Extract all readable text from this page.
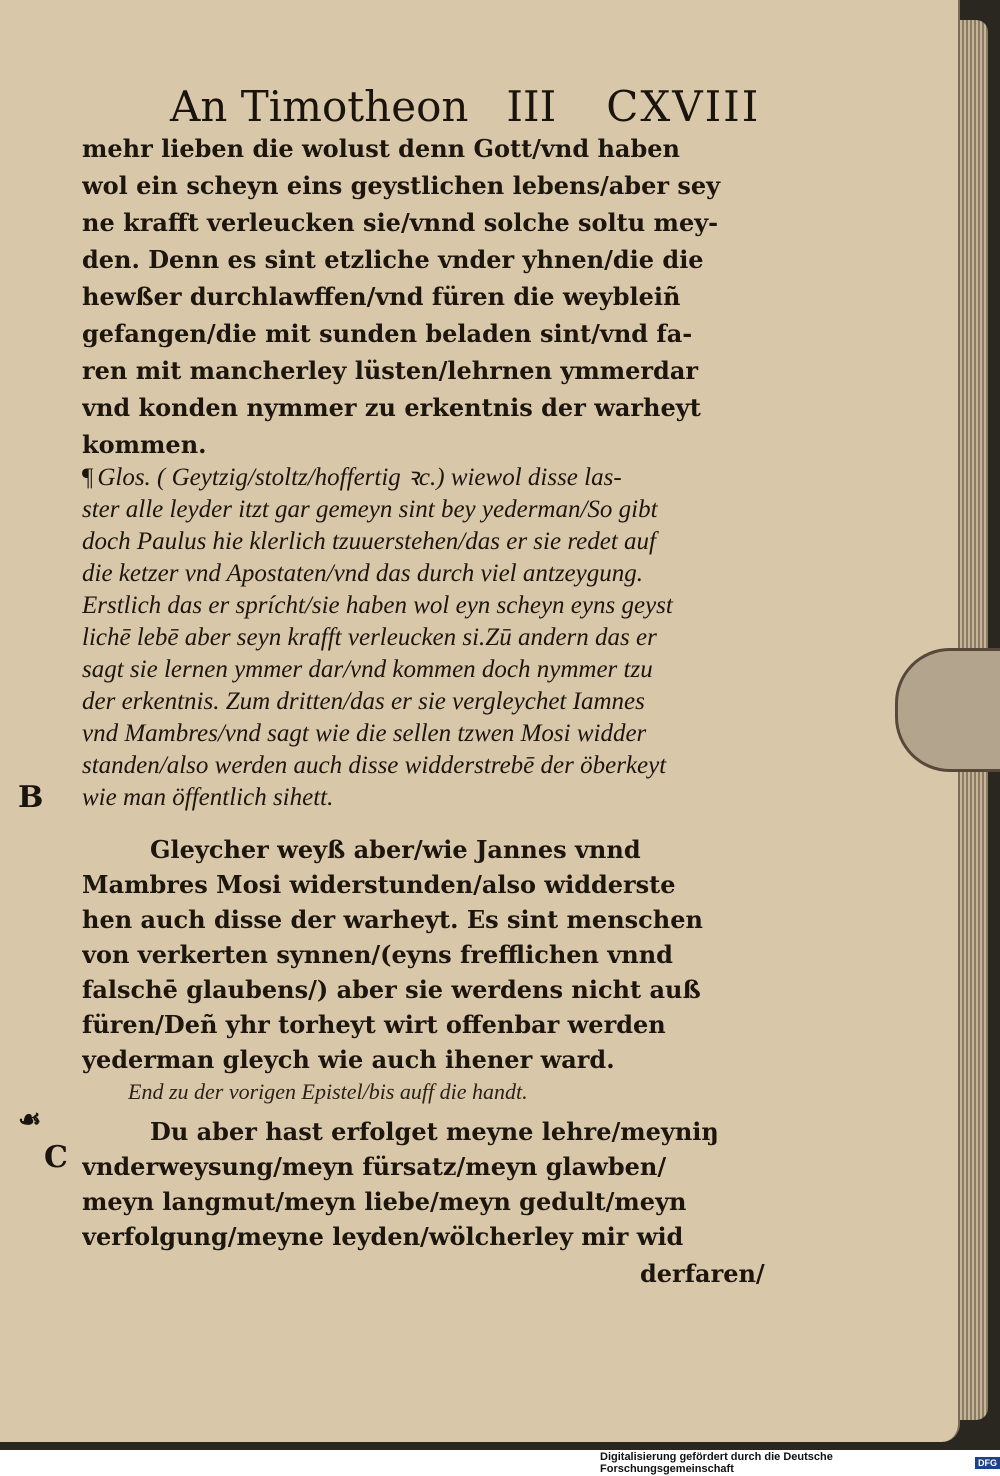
An Timotheon III CXVIII
mehr lieben die wolust denn Gott/vnd haben
wol ein scheyn eins geystlichen lebens/aber sey
ne krafft verleucken sie/vnnd solche soltu mey-
den. Denn es sint etzliche vnder yhnen/die die
hewßer durchlawffen/vnd füren die weybleiñ
gefangen/die mit sunden beladen sint/vnd fa-
ren mit mancherley lüsten/lehrnen ymmerdar
vnd konden nymmer zu erkentnis der warheyt
kommen.
¶ Glos. ( Geytzig/stoltz/hoffertig ꝛc.) wiewol disse las-
ster alle leyder itzt gar gemeyn sint bey yederman/So gibt
doch Paulus hie klerlich tzuuerstehen/das er sie redet auf
die ketzer vnd Apostaten/vnd das durch viel antzeygung.
Erstlich das er sprícht/sie haben wol eyn scheyn eyns geyst
lichē lebē aber seyn krafft verleucken si.Zū andern das er
sagt sie lernen ymmer dar/vnd kommen doch nymmer tzu
der erkentnis. Zum dritten/das er sie vergleychet Iamnes
vnd Mambres/vnd sagt wie die sellen tzwen Mosi widder
standen/also werden auch disse widderstrebē der öberkeyt
wie man öffentlich sihett.
Gleycher weyß aber/wie Jannes vnnd
Mambres Mosi widerstunden/also widderste
hen auch disse der warheyt. Es sint menschen
von verkerten synnen/(eyns frefflichen vnnd
falschē glaubens/) aber sie werdens nicht auß
füren/Deñ yhr torheyt wirt offenbar werden
yederman gleych wie auch ihener ward.
End zu der vorigen Epistel/bis auff die handt.
Du aber hast erfolget meyne lehre/meyniŋ
vnderweysung/meyn fürsatz/meyn glawben/
meyn langmut/meyn liebe/meyn gedult/meyn
verfolgung/meyne leyden/wölcherley mir wid
derfaren/
B
☙
C
Digitalisierung gefördert durch die Deutsche Forschungsgemeinschaft	DFG
